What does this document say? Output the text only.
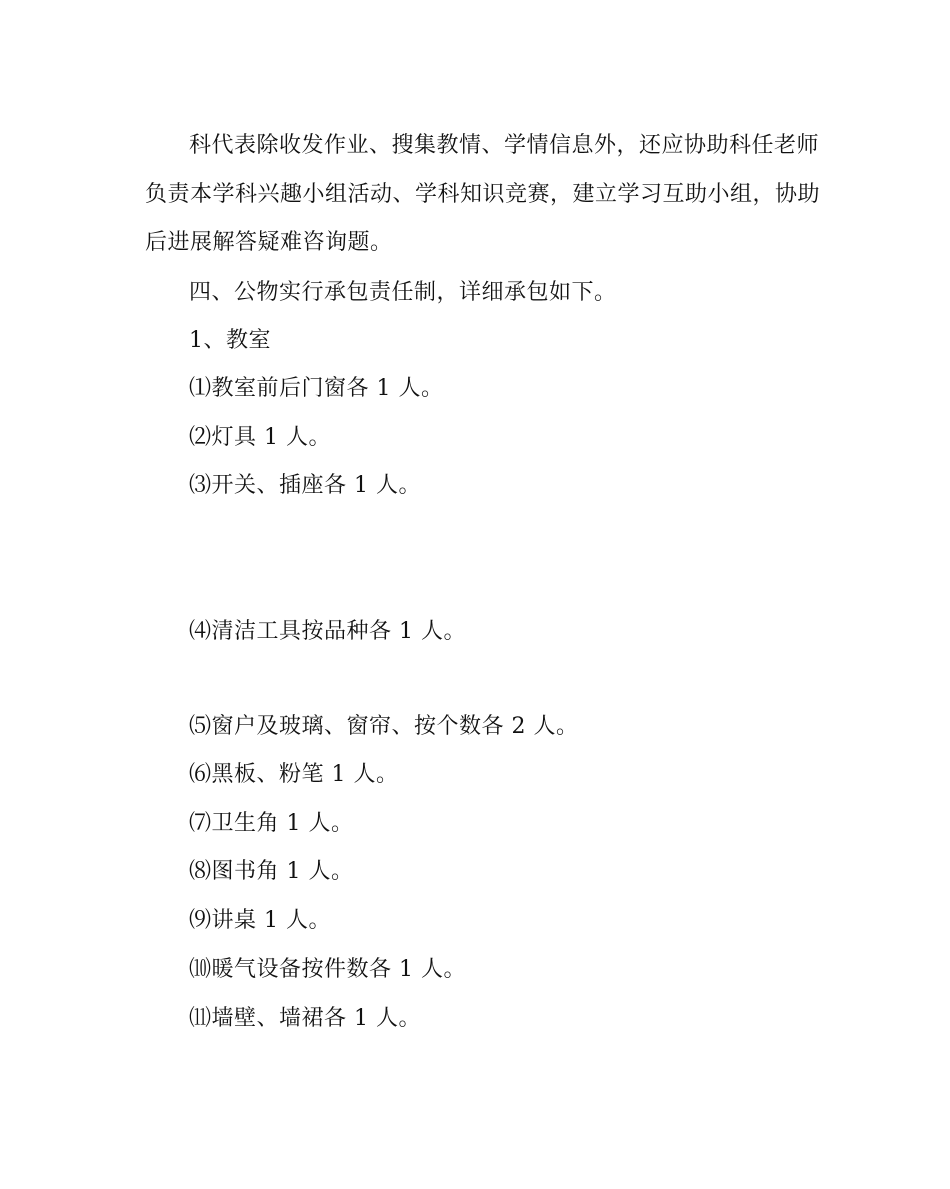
科代表除收发作业、搜集教情、学情信息外，还应协助科任老师
负责本学科兴趣小组活动、学科知识竞赛，建立学习互助小组，协助
后进展解答疑难咨询题。
四、公物实行承包责任制，详细承包如下。
1、教室
⑴教室前后门窗各 1 人。
⑵灯具 1 人。
⑶开关、插座各 1 人。
⑷清洁工具按品种各 1 人。
⑸窗户及玻璃、窗帘、按个数各 2 人。
⑹黑板、粉笔 1 人。
⑺卫生角 1 人。
⑻图书角 1 人。
⑼讲桌 1 人。
⑽暖气设备按件数各 1 人。
⑾墙壁、墙裙各 1 人。
